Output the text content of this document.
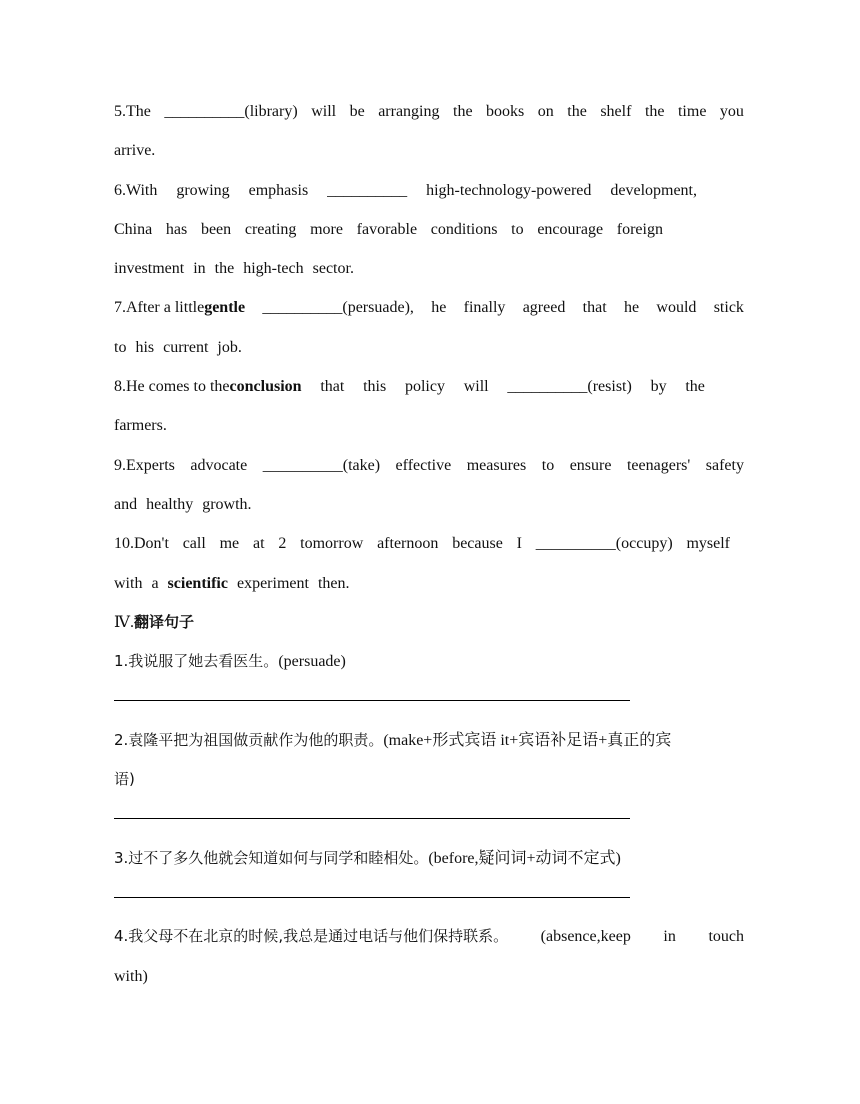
5.The __________(library) will be arranging the books on the shelf the time you
arrive.
6.With growing emphasis __________ high-technology-powered development,
China has been creating more favorable conditions to encourage foreign
investment in the high-tech sector.
7.After a littlegentle __________(persuade), he finally agreed that he would stick
to his current job.
8.He comes to theconclusion that this policy will __________(resist) by the
farmers.
9.Experts advocate __________(take) effective measures to ensure teenagers' safety
and healthy growth.
10.Don't call me at 2 tomorrow afternoon because I __________(occupy) myself
with a scientific experiment then.
Ⅳ.翻译句子
1.我说服了她去看医生。(persuade)
2.袁隆平把为祖国做贡献作为他的职责。(make+形式宾语 it+宾语补足语+真正的宾
语)
3.过不了多久他就会知道如何与同学和睦相处。(before,疑问词+动词不定式)
4.我父母不在北京的时候,我总是通过电话与他们保持联系。 (absence,keep in touch
with)
